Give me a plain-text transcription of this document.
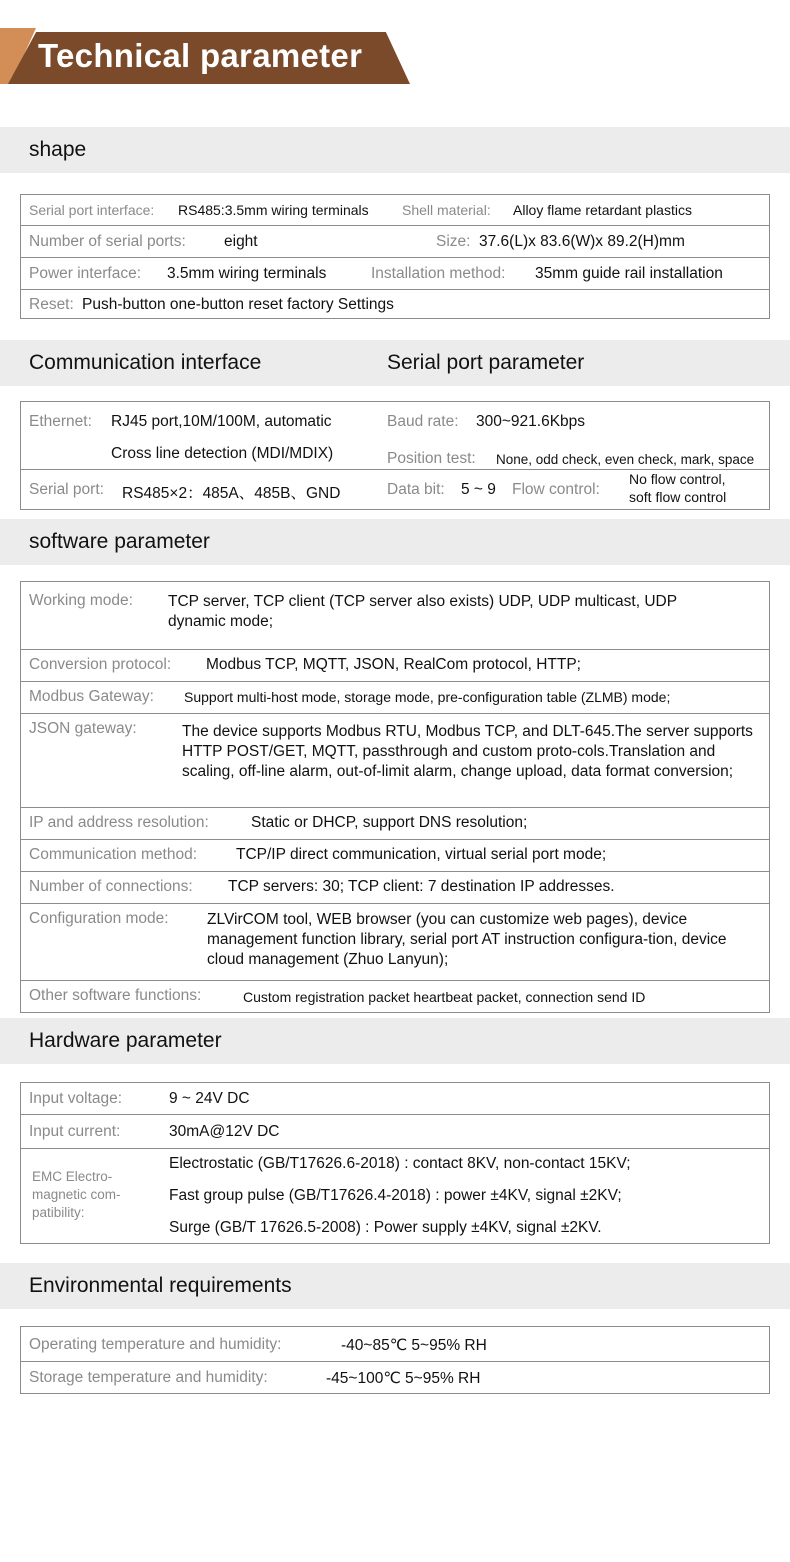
Technical parameter
shape
Serial port interface: RS485:3.5mm wiring terminals Shell material: Alloy flame retardant plastics
Number of serial ports: eight	Size: 37.6(L)x 83.6(W)x 89.2(H)mm
Power interface: 3.5mm wiring terminals	Installation method: 35mm guide rail installation
Reset: Push-button one-button reset factory Settings
Communication interface	Serial port parameter
Ethernet: RJ45 port,10M/100M, automatic
Cross line detection (MDI/MDIX)
Baud rate: 300~921.6Kbps
Position test: None, odd check, even check, mark, space
Serial port: RS485×2：485A、485B、GND	Data bit: 5 ~ 9 Flow control:
No flow control,
soft flow control
software parameter
Working mode: TCP server, TCP client (TCP server also exists) UDP, UDP multicast, UDP dynamic mode;
Conversion protocol: Modbus TCP, MQTT, JSON, RealCom protocol, HTTP;
Modbus Gateway: Support multi-host mode, storage mode, pre-configuration table (ZLMB) mode;
JSON gateway:	The device supports Modbus RTU, Modbus TCP, and DLT-645.The server supports HTTP POST/GET, MQTT, passthrough and custom proto-cols.Translation and scaling, off-line alarm, out-of-limit alarm, change upload, data format conversion;
IP and address resolution:	Static or DHCP, support DNS resolution;
Communication method:	TCP/IP direct communication, virtual serial port mode;
Number of connections: TCP servers: 30; TCP client: 7 destination IP addresses.
Configuration mode: ZLVirCOM tool, WEB browser (you can customize web pages), device management function library, serial port AT instruction configura-tion, device cloud management (Zhuo Lanyun);
Other software functions:	Custom registration packet heartbeat packet, connection send ID
Hardware parameter
Input voltage:	9 ~ 24V DC
Input current:	30mA@12V DC
EMC Electro-
magnetic com-
patibility:
Electrostatic (GB/T17626.6-2018) : contact 8KV, non-contact 15KV;
Fast group pulse (GB/T17626.4-2018) : power ±4KV, signal ±2KV;
Surge (GB/T 17626.5-2008) : Power supply ±4KV, signal ±2KV.
Environmental requirements
Operating temperature and humidity:	-40~85℃ 5~95% RH
Storage temperature and humidity:	-45~100℃ 5~95% RH
